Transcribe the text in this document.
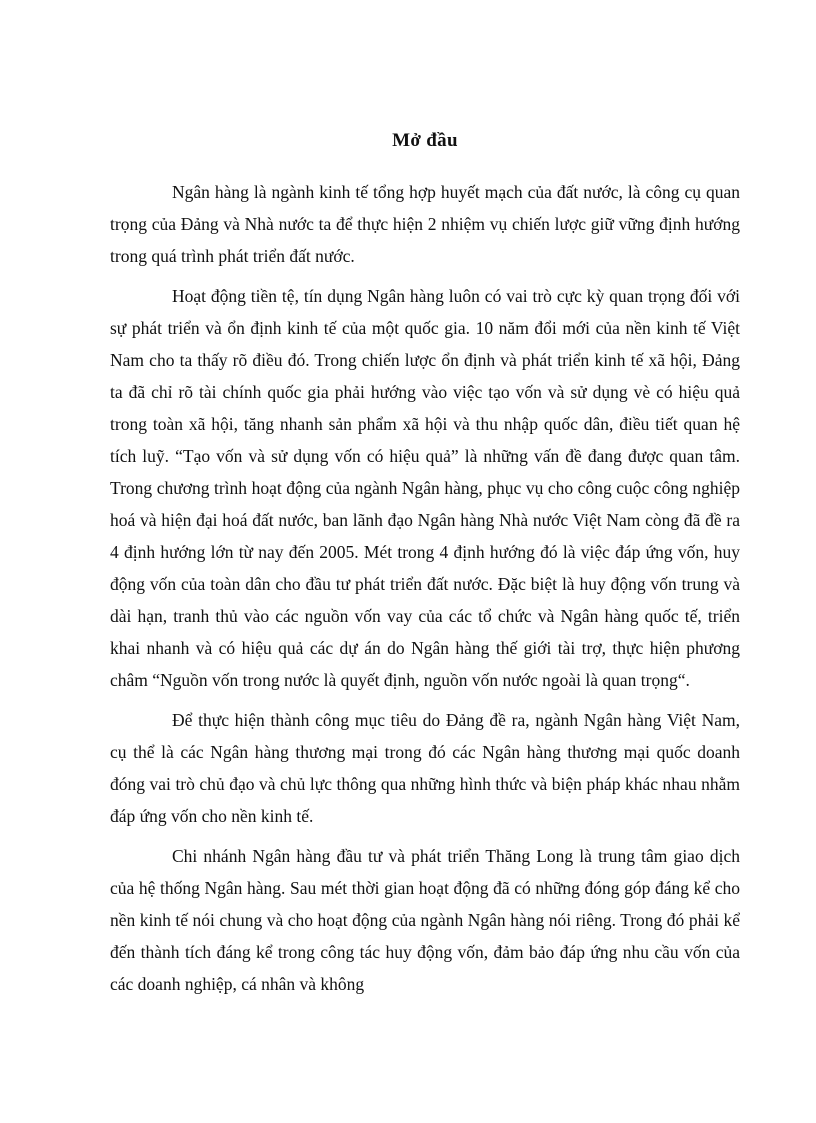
Mở đầu

Ngân hàng là ngành kinh tế tổng hợp huyết mạch của đất nước, là công cụ quan trọng của Đảng và Nhà nước ta để thực hiện 2 nhiệm vụ chiến lược giữ vững định hướng trong quá trình phát triển đất nước.

Hoạt động tiền tệ, tín dụng Ngân hàng luôn có vai trò cực kỳ quan trọng đối với sự phát triển và ổn định kinh tế của một quốc gia. 10 năm đổi mới của nền kinh tế Việt Nam cho ta thấy rõ điều đó. Trong chiến lược ổn định và phát triển kinh tế xã hội, Đảng ta đã chỉ rõ tài chính quốc gia phải hướng vào việc tạo vốn và sử dụng vè có hiệu quả trong toàn xã hội, tăng nhanh sản phẩm xã hội và thu nhập quốc dân, điều tiết quan hệ tích luỹ. “Tạo vốn và sử dụng vốn có hiệu quả” là những vấn đề đang được quan tâm. Trong chương trình hoạt động của ngành Ngân hàng, phục vụ cho công cuộc công nghiệp hoá và hiện đại hoá đất nước, ban lãnh đạo Ngân hàng Nhà nước Việt Nam còng đã đề ra 4 định hướng lớn từ nay đến 2005. Mét trong 4 định hướng đó là việc đáp ứng vốn, huy động vốn của toàn dân cho đầu tư phát triển đất nước. Đặc biệt là huy động vốn trung và dài hạn, tranh thủ vào các nguồn vốn vay của các tổ chức và Ngân hàng quốc tế, triển khai nhanh và có hiệu quả các dự án do Ngân hàng thế giới tài trợ, thực hiện phương châm “Nguồn vốn trong nước là quyết định, nguồn vốn nước ngoài là quan trọng“.

Để thực hiện thành công mục tiêu do Đảng đề ra, ngành Ngân hàng Việt Nam, cụ thể là các Ngân hàng thương mại trong đó các Ngân hàng thương mại quốc doanh đóng vai trò chủ đạo và chủ lực thông qua những hình thức và biện pháp khác nhau nhằm đáp ứng vốn cho nền kinh tế.

Chi nhánh Ngân hàng đầu tư và phát triển Thăng Long là trung tâm giao dịch của hệ thống Ngân hàng. Sau mét thời gian hoạt động đã có những đóng góp đáng kể cho nền kinh tế nói chung và cho hoạt động của ngành Ngân hàng nói riêng. Trong đó phải kể đến thành tích đáng kể trong công tác huy động vốn, đảm bảo đáp ứng nhu cầu vốn của các doanh nghiệp, cá nhân và không
